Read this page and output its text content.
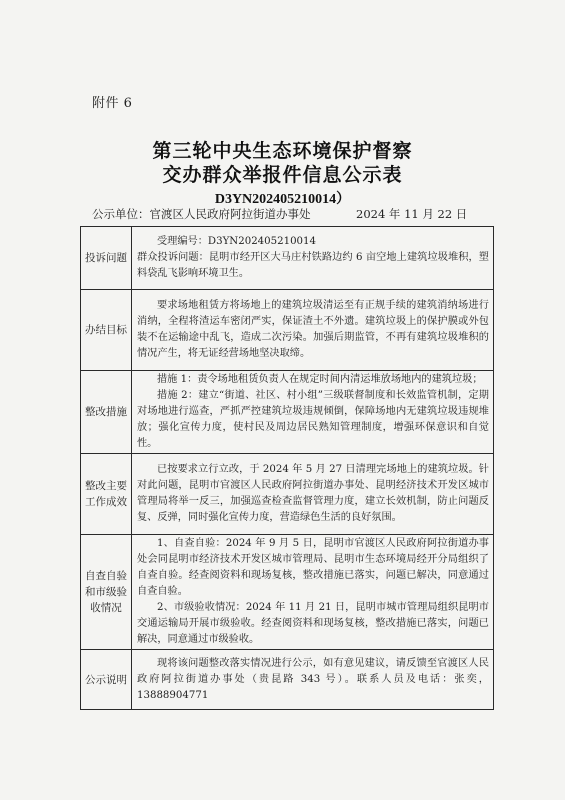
附件 6
第三轮中央生态环境保护督察
交办群众举报件信息公示表
D3YN202405210014）
公示单位：官渡区人民政府阿拉街道办事处	2024 年 11 月 22 日
投诉问题	受理编号：D3YN202405210014
群众投诉问题：昆明市经开区大马庄村铁路边约 6 亩空地上建筑垃圾堆积，塑料袋乱飞影响环境卫生。

办结目标	要求场地租赁方将场地上的建筑垃圾清运至有正规手续的建筑消纳场进行消纳，全程将渣运车密闭严实，保证渣土不外遗。建筑垃圾上的保护膜或外包装不在运输途中乱飞，造成二次污染。加强后期监管，不再有建筑垃圾堆积的情况产生，将无证经营场地坚决取缔。

整改措施	措施 1：责令场地租赁负责人在规定时间内清运堆放场地内的建筑垃圾；
措施 2：建立“街道、社区、村小组”三级联督制度和长效监管机制，定期对场地进行巡查，严抓严控建筑垃圾违规倾倒，保障场地内无建筑垃圾违规堆放；强化宣传力度，使村民及周边居民熟知管理制度，增强环保意识和自觉性。

整改主要工作成效	已按要求立行立改，于 2024 年 5 月 27 日清理完场地上的建筑垃圾。针对此问题，昆明市官渡区人民政府阿拉街道办事处、昆明经济技术开发区城市管理局将举一反三，加强巡查检查监督管理力度，建立长效机制，防止问题反复、反弹，同时强化宣传力度，营造绿色生活的良好氛围。

自查自验和市级验收情况	1、自查自验：2024 年 9 月 5 日，昆明市官渡区人民政府阿拉街道办事处会同昆明市经济技术开发区城市管理局、昆明市生态环境局经开分局组织了自查自验。经查阅资料和现场复核，整改措施已落实，问题已解决，同意通过自查自验。
2、市级验收情况：2024 年 11 月 21 日，昆明市城市管理局组织昆明市交通运输局开展市级验收。经查阅资料和现场复核，整改措施已落实，问题已解决，同意通过市级验收。

公示说明	现将该问题整改落实情况进行公示，如有意见建议，请反馈至官渡区人民政府阿拉街道办事处（贵昆路 343 号）。联系人员及电话：张奕，13888904771
